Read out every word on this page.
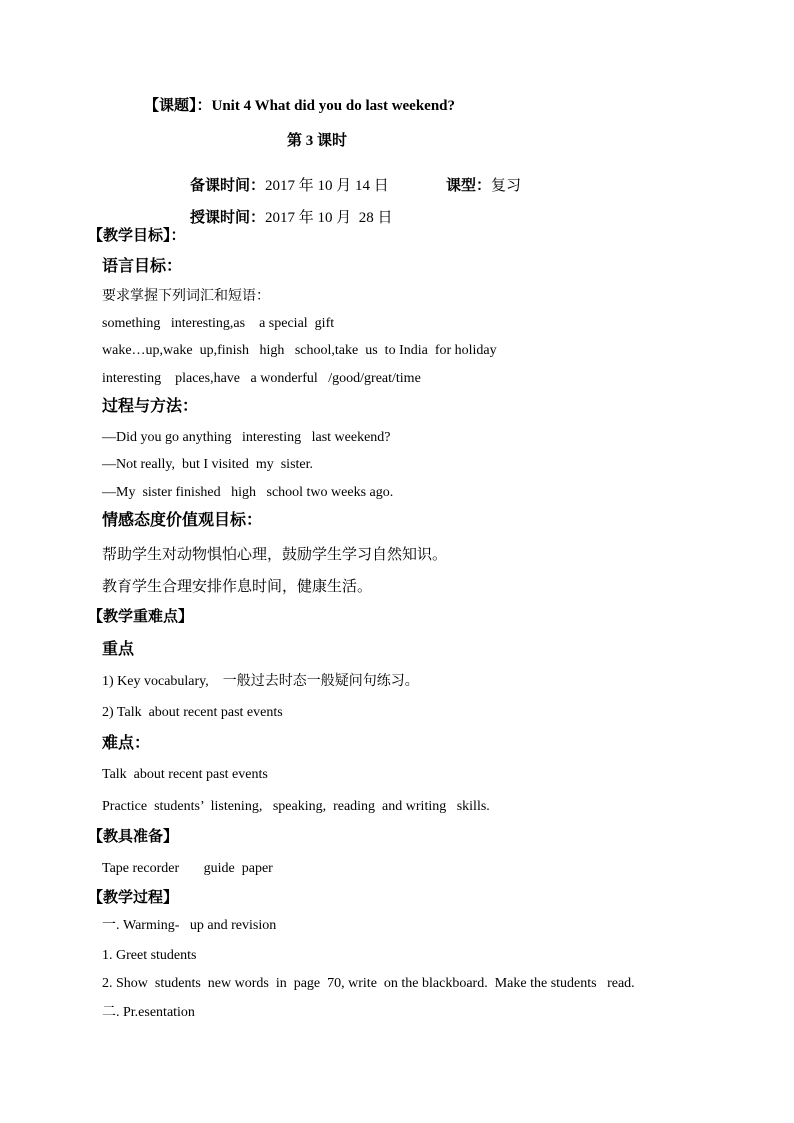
【课题】：Unit 4 What did you do last weekend?
第 3 课时

备课时间：2017 年 10 月 14 日
	课型：复习

授课时间：2017 年 10 月  28 日

【教学目标】：
语言目标：
要求掌握下列词汇和短语：
something   interesting,as    a special  gift
wake…up,wake  up,finish   high   school,take  us  to India  for holiday
interesting    places,have   a wonderful   /good/great/time
过程与方法：
—Did you go anything   interesting   last weekend?
—Not really,  but I visited  my  sister.
—My  sister finished   high   school two weeks ago.
情感态度价值观目标：
帮助学生对动物惧怕心理，鼓励学生学习自然知识。
教育学生合理安排作息时间，健康生活。
【教学重难点】
重点
1) Key vocabulary,    一般过去时态一般疑问句练习。
2) Talk  about recent past events
难点：
Talk  about recent past events
Practice  students’  listening,   speaking,  reading  and writing   skills.
【教具准备】
Tape recorder       guide  paper
【教学过程】
一. Warming-   up and revision
1. Greet students
2. Show  students  new words  in  page  70, write  on the blackboard.  Make the students   read.
二. Pr.esentation
